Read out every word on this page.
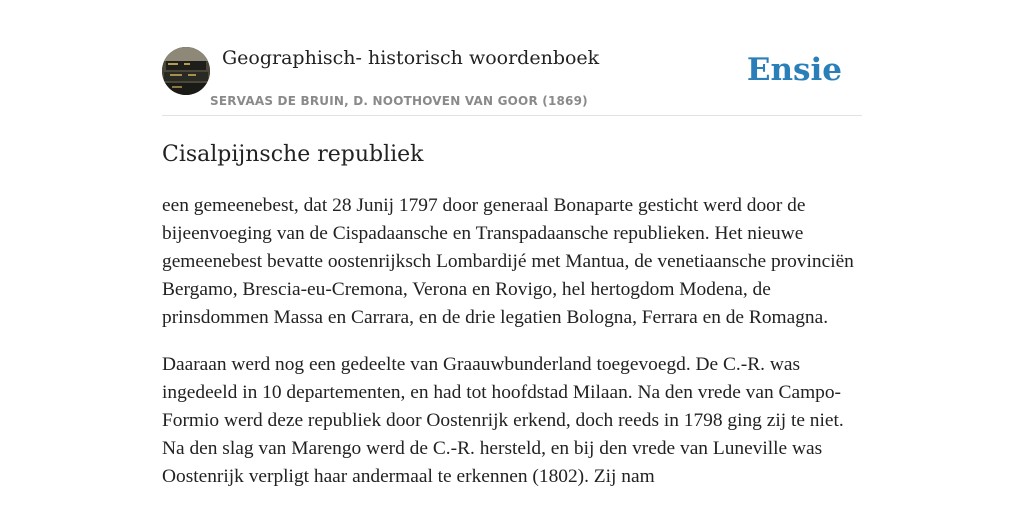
Geographisch- historisch woordenboek
SERVAAS DE BRUIN, D. NOOTHOVEN VAN GOOR (1869)
Ensie
Cisalpijnsche republiek

een gemeenebest, dat 28 Junij 1797 door generaal Bonaparte gesticht werd door de bijeenvoeging van de Cispadaansche en Transpadaansche republieken. Het nieuwe gemeenebest bevatte oostenrijksch Lombardijé met Mantua, de venetiaansche provinciën Bergamo, Brescia-eu-Cremona, Verona en Rovigo, hel hertogdom Modena, de prinsdommen Massa en Carrara, en de drie legatien Bologna, Ferrara en de Romagna.

Daaraan werd nog een gedeelte van Graauwbunderland toegevoegd. De C.-R. was ingedeeld in 10 departementen, en had tot hoofdstad Milaan. Na den vrede van Campo-Formio werd deze republiek door Oostenrijk erkend, doch reeds in 1798 ging zij te niet. Na den slag van Marengo werd de C.-R. hersteld, en bij den vrede van Luneville was Oostenrijk verpligt haar andermaal te erkennen (1802). Zij nam
